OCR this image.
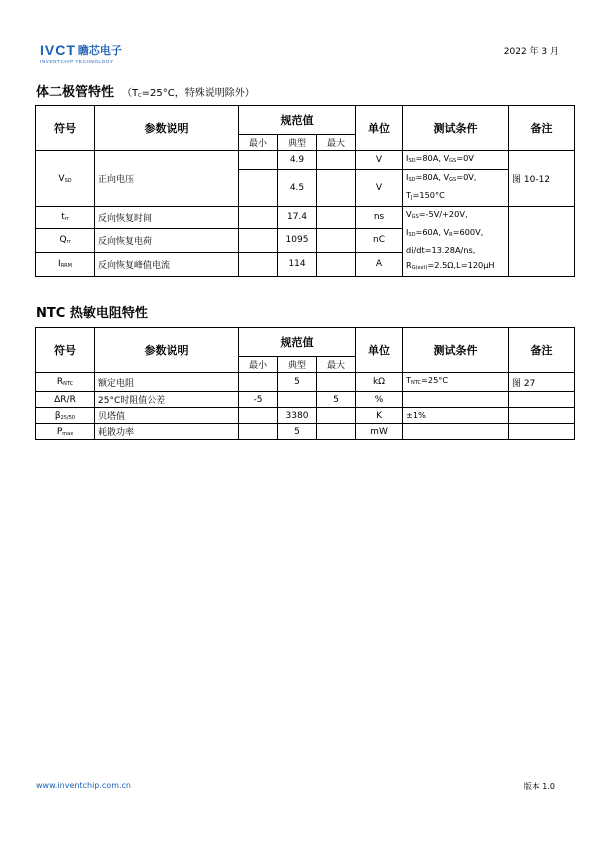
IVCT 瞻芯电子
INVENTCHIP TECHNOLOGY
2022 年 3 月
体二极管特性 （$T_C=25^\circ C$，特殊说明除外）
符号	参数说明	规范值			单位	测试条件	备注
		最小	典型	最大			
$V_{SD}$	正向电压		4.9		V	$I_{SD}=80A$, $V_{GS}=0V$	图 10-12
			4.5		V	$I_{SD}=80A$, $V_{GS}=0V$,
$T_J=150^\circ C$	
$t_{rr}$	反向恢复时间		17.4		ns	$V_{GS}=-5V/+20V$,
$I_{SD}=60A$, $V_R=600V$,
di/dt=13.28A/ns,
$R_{G(ext)}=2.5\Omega,L=120\mu H$	
$Q_{rr}$	反向恢复电荷		1095		nC		
$I_{RRM}$	反向恢复峰值电流		114		A		
NTC 热敏电阻特性
符号	参数说明	规范值			单位	测试条件	备注
		最小	典型	最大			
$R_{NTC}$	额定电阻		5		kΩ	$T_{NTC}=25^\circ C$	图 27
ΔR/R	25°C时阻值公差	-5		5	%		
$\beta_{25/50}$	贝塔值		3380		K	±1%	
$P_{max}$	耗散功率		5		mW		
www.inventchip.com.cn	版本 1.0
